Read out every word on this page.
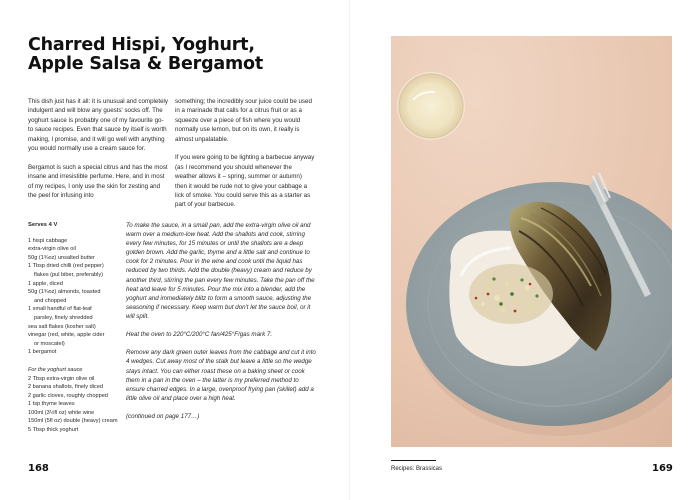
Charred Hispi, Yoghurt,
Apple Salsa & Bergamot

This dish just has it all: it is unusual and completely indulgent and will blow any guests' socks off. The yoghurt sauce is probably one of my favourite go-to sauce recipes. Even that sauce by itself is worth making, I promise, and it will go well with anything you would normally use a cream sauce for.

Bergamot is such a special citrus and has the most insane and irresistible perfume. Here, and in most of my recipes, I only use the skin for zesting and the peel for infusing into

something; the incredibly sour juice could be used in a marinade that calls for a citrus fruit or as a squeeze over a piece of fish where you would normally use lemon, but on its own, it really is almost unpalatable.

If you were going to be lighting a barbecue anyway (as I recommend you should whenever the weather allows it – spring, summer or autumn) then it would be rude not to give your cabbage a lick of smoke. You could serve this as a starter as part of your barbecue.

Serves 4 V
1 hispi cabbage
extra-virgin olive oil
50g (1¾oz) unsalted butter
1 Tbsp dried chilli (red pepper)
flakes (pul biber, preferably)
1 apple, diced
50g (1¾oz) almonds, toasted
and chopped
1 small handful of flat-leaf
parsley, finely shredded
sea salt flakes (kosher salt)
vinegar (red, white, apple cider
or moscatel)
1 bergamot
For the yoghurt sauce
2 Tbsp extra-virgin olive oil
2 banana shallots, finely diced
2 garlic cloves, roughly chopped
1 tsp thyme leaves
100ml (3½fl oz) white wine
150ml (5fl oz) double (heavy) cream
5 Tbsp thick yoghurt

To make the sauce, in a small pan, add the extra-virgin olive oil and warm over a medium-low heat. Add the shallots and cook, stirring every few minutes, for 15 minutes or until the shallots are a deep golden brown. Add the garlic, thyme and a little salt and continue to cook for 2 minutes. Pour in the wine and cook until the liquid has reduced by two thirds. Add the double (heavy) cream and reduce by another third, stirring the pan every few minutes. Take the pan off the heat and leave for 5 minutes. Pour the mix into a blender, add the yoghurt and immediately blitz to form a smooth sauce, adjusting the seasoning if necessary. Keep warm but don't let the sauce boil, or it will split.

Heat the oven to 220°C/200°C fan/425°F/gas mark 7.

Remove any dark green outer leaves from the cabbage and cut it into 4 wedges. Cut away most of the stalk but leave a little so the wedge stays intact. You can either roast these on a baking sheet or cook them in a pan in the oven – the latter is my preferred method to ensure charred edges. In a large, ovenproof frying pan (skillet) add a little olive oil and place over a high heat.

(continued on page 177…)

168	Recipes: Brassicas	169
